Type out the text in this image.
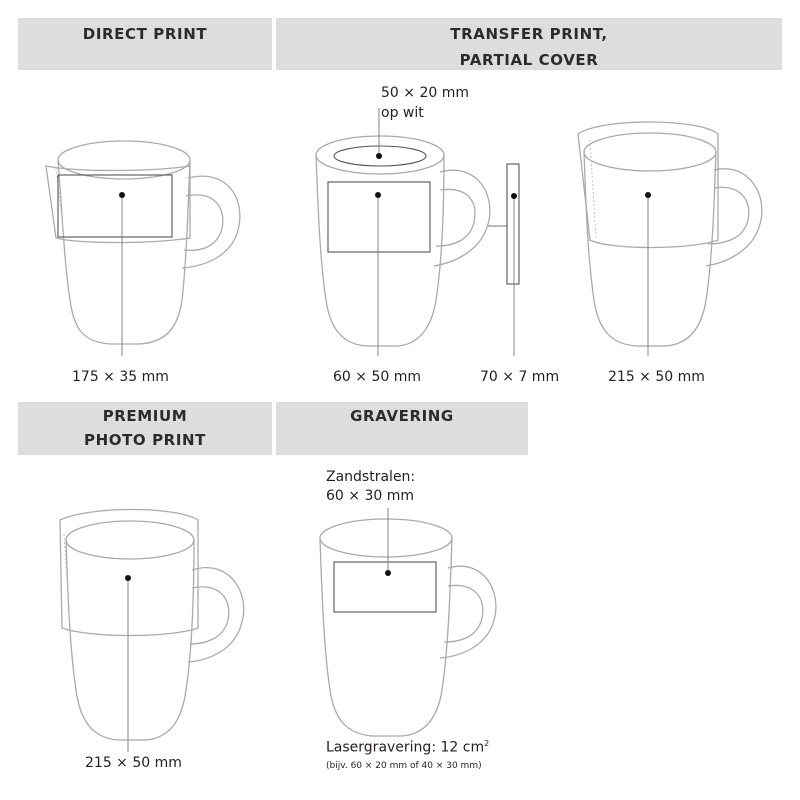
DIRECT PRINT	TRANSFER PRINT,
PARTIAL COVER
PREMIUM
PHOTO PRINT
GRAVERING
175 × 35 mm
50 × 20 mm
op wit
60 × 50 mm	70 × 7 mm	215 × 50 mm
215 × 50 mm
Zandstralen:
60 × 30 mm
Lasergravering: 12 $cm^2$
(bijv. 60 × 20 mm of 40 × 30 mm)
